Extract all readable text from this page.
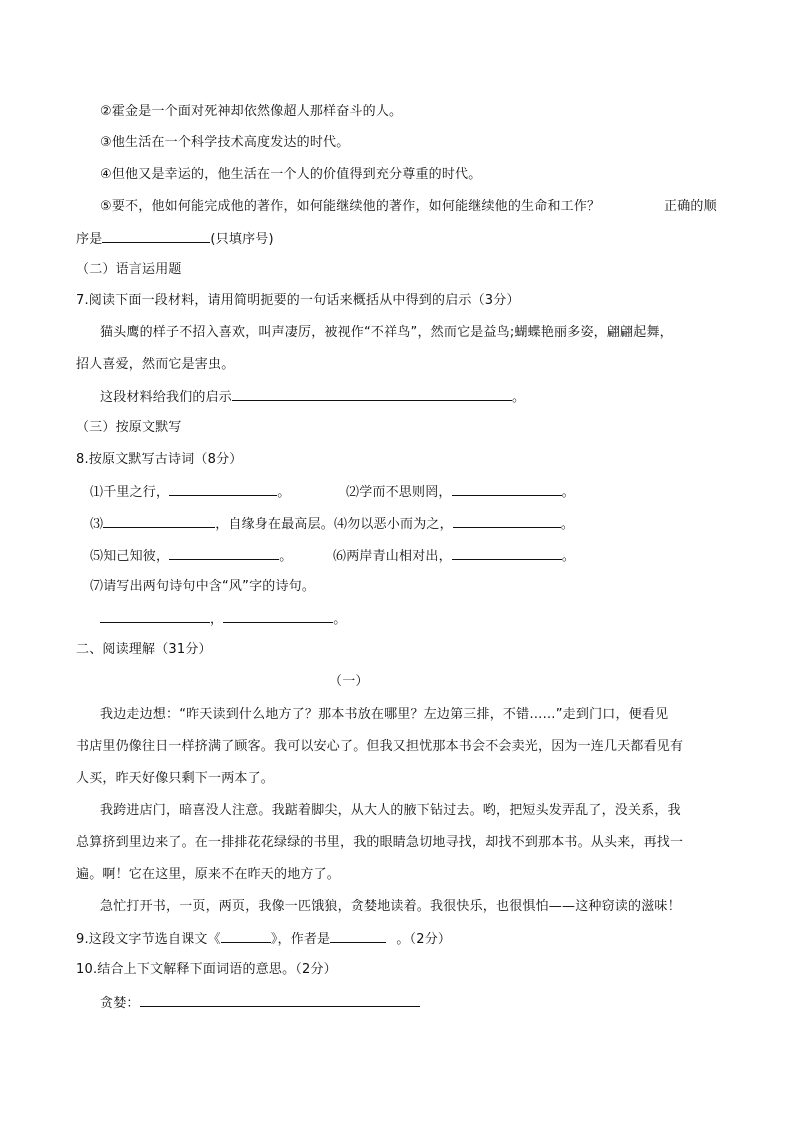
②霍金是一个面对死神却依然像超人那样奋斗的人。
③他生活在一个科学技术高度发达的时代。
④但他又是幸运的，他生活在一个人的价值得到充分尊重的时代。
⑤要不，他如何能完成他的著作，如何能继续他的著作，如何能继续他的生命和工作？	正确的顺
序是	(只填序号)
（二）语言运用题
7.阅读下面一段材料，请用简明扼要的一句话来概括从中得到的启示（3分）
猫头鹰的样子不招入喜欢，叫声凄厉，被视作“不祥鸟”，然而它是益鸟;蝴蝶艳丽多姿，翩翩起舞，
招人喜爱，然而它是害虫。
这段材料给我们的启示	。
（三）按原文默写
8.按原文默写古诗词（8分）
⑴千里之行，	。	⑵学而不思则罔，	。
⑶	，自缘身在最高层。⑷勿以恶小而为之，	。
⑸知己知彼，	。	⑹两岸青山相对出，	。
⑺请写出两句诗句中含“风”字的诗句。
，	。
二、阅读理解（31分）
（一）
我边走边想：“昨天读到什么地方了？那本书放在哪里？左边第三排，不错……”走到门口，便看见
书店里仍像往日一样挤满了顾客。我可以安心了。但我又担忧那本书会不会卖光，因为一连几天都看见有
人买，昨天好像只剩下一两本了。
我跨进店门，暗喜没人注意。我踮着脚尖，从大人的腋下钻过去。哟，把短头发弄乱了，没关系，我
总算挤到里边来了。在一排排花花绿绿的书里，我的眼睛急切地寻找，却找不到那本书。从头来，再找一
遍。啊！它在这里，原来不在昨天的地方了。
急忙打开书，一页，两页，我像一匹饿狼，贪婪地读着。我很快乐，也很惧怕——这种窃读的滋味！
9.这段文字节选自课文《	》，作者是	。（2分）
10.结合上下文解释下面词语的意思。（2分）
贪婪：
